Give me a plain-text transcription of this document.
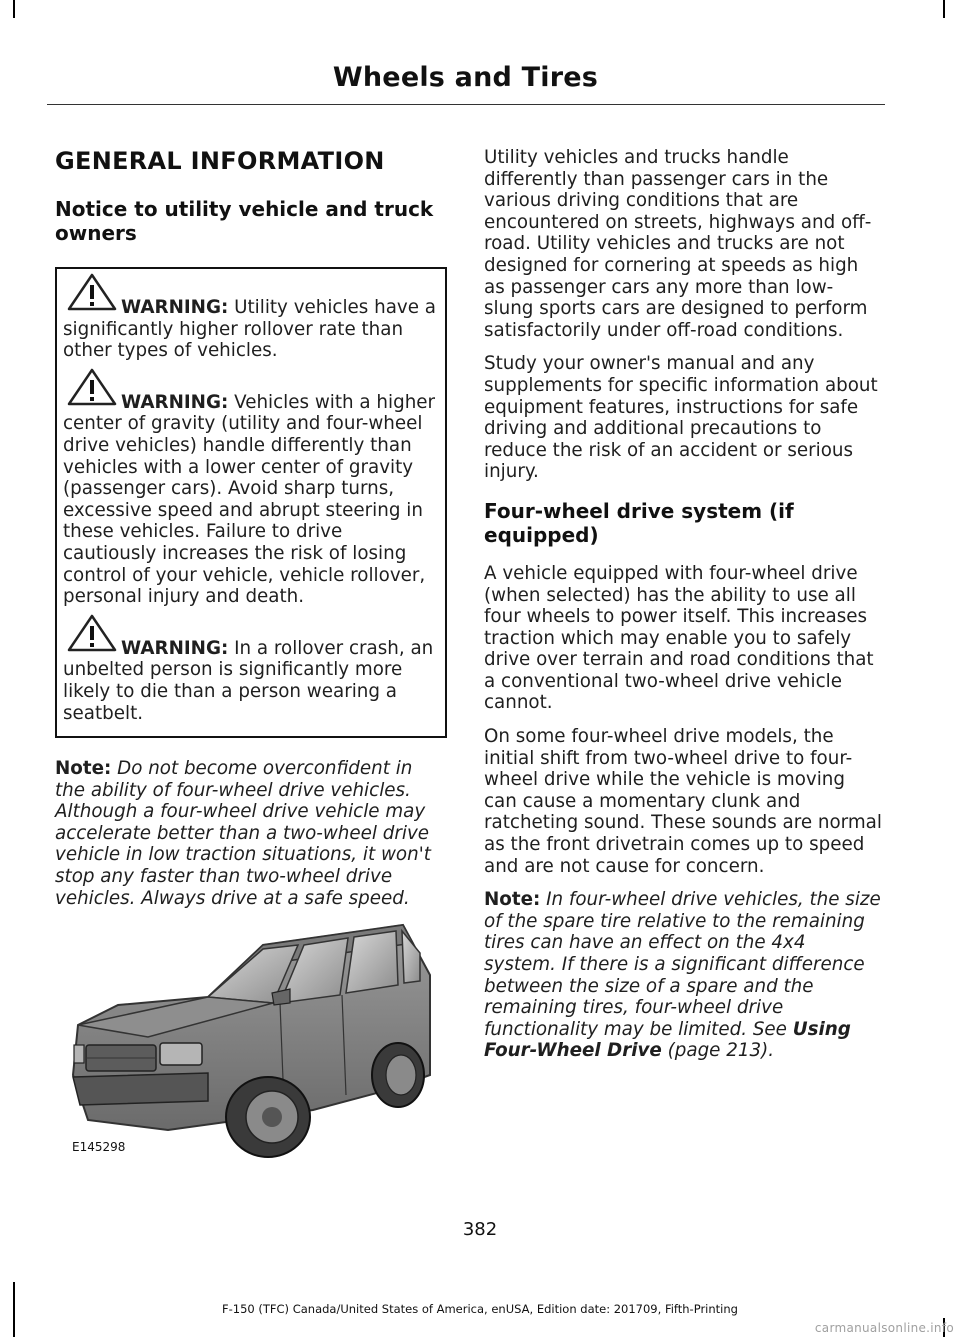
Wheels and Tires
GENERAL INFORMATION
Notice to utility vehicle and truck owners

WARNING: Utility vehicles have a significantly higher rollover rate than other types of vehicles.

WARNING: Vehicles with a higher center of gravity (utility and four-wheel drive vehicles) handle differently than vehicles with a lower center of gravity (passenger cars). Avoid sharp turns, excessive speed and abrupt steering in these vehicles. Failure to drive cautiously increases the risk of losing control of your vehicle, vehicle rollover, personal injury and death.

WARNING: In a rollover crash, an unbelted person is significantly more likely to die than a person wearing a seatbelt.

Note: Do not become overconfident in the ability of four-wheel drive vehicles. Although a four-wheel drive vehicle may accelerate better than a two-wheel drive vehicle in low traction situations, it won't stop any faster than two-wheel drive vehicles. Always drive at a safe speed.

E145298

Utility vehicles and trucks handle differently than passenger cars in the various driving conditions that are encountered on streets, highways and off-road. Utility vehicles and trucks are not designed for cornering at speeds as high as passenger cars any more than low-slung sports cars are designed to perform satisfactorily under off-road conditions.

Study your owner's manual and any supplements for specific information about equipment features, instructions for safe driving and additional precautions to reduce the risk of an accident or serious injury.

Four-wheel drive system (if equipped)

A vehicle equipped with four-wheel drive (when selected) has the ability to use all four wheels to power itself. This increases traction which may enable you to safely drive over terrain and road conditions that a conventional two-wheel drive vehicle cannot.

On some four-wheel drive models, the initial shift from two-wheel drive to four-wheel drive while the vehicle is moving can cause a momentary clunk and ratcheting sound. These sounds are normal as the front drivetrain comes up to speed and are not cause for concern.

Note: In four-wheel drive vehicles, the size of the spare tire relative to the remaining tires can have an effect on the 4x4 system. If there is a significant difference between the size of a spare and the remaining tires, four-wheel drive functionality may be limited. See Using Four-Wheel Drive (page 213).

382
F-150 (TFC) Canada/United States of America, enUSA, Edition date: 201709, Fifth-Printing
carmanualsonline.info
